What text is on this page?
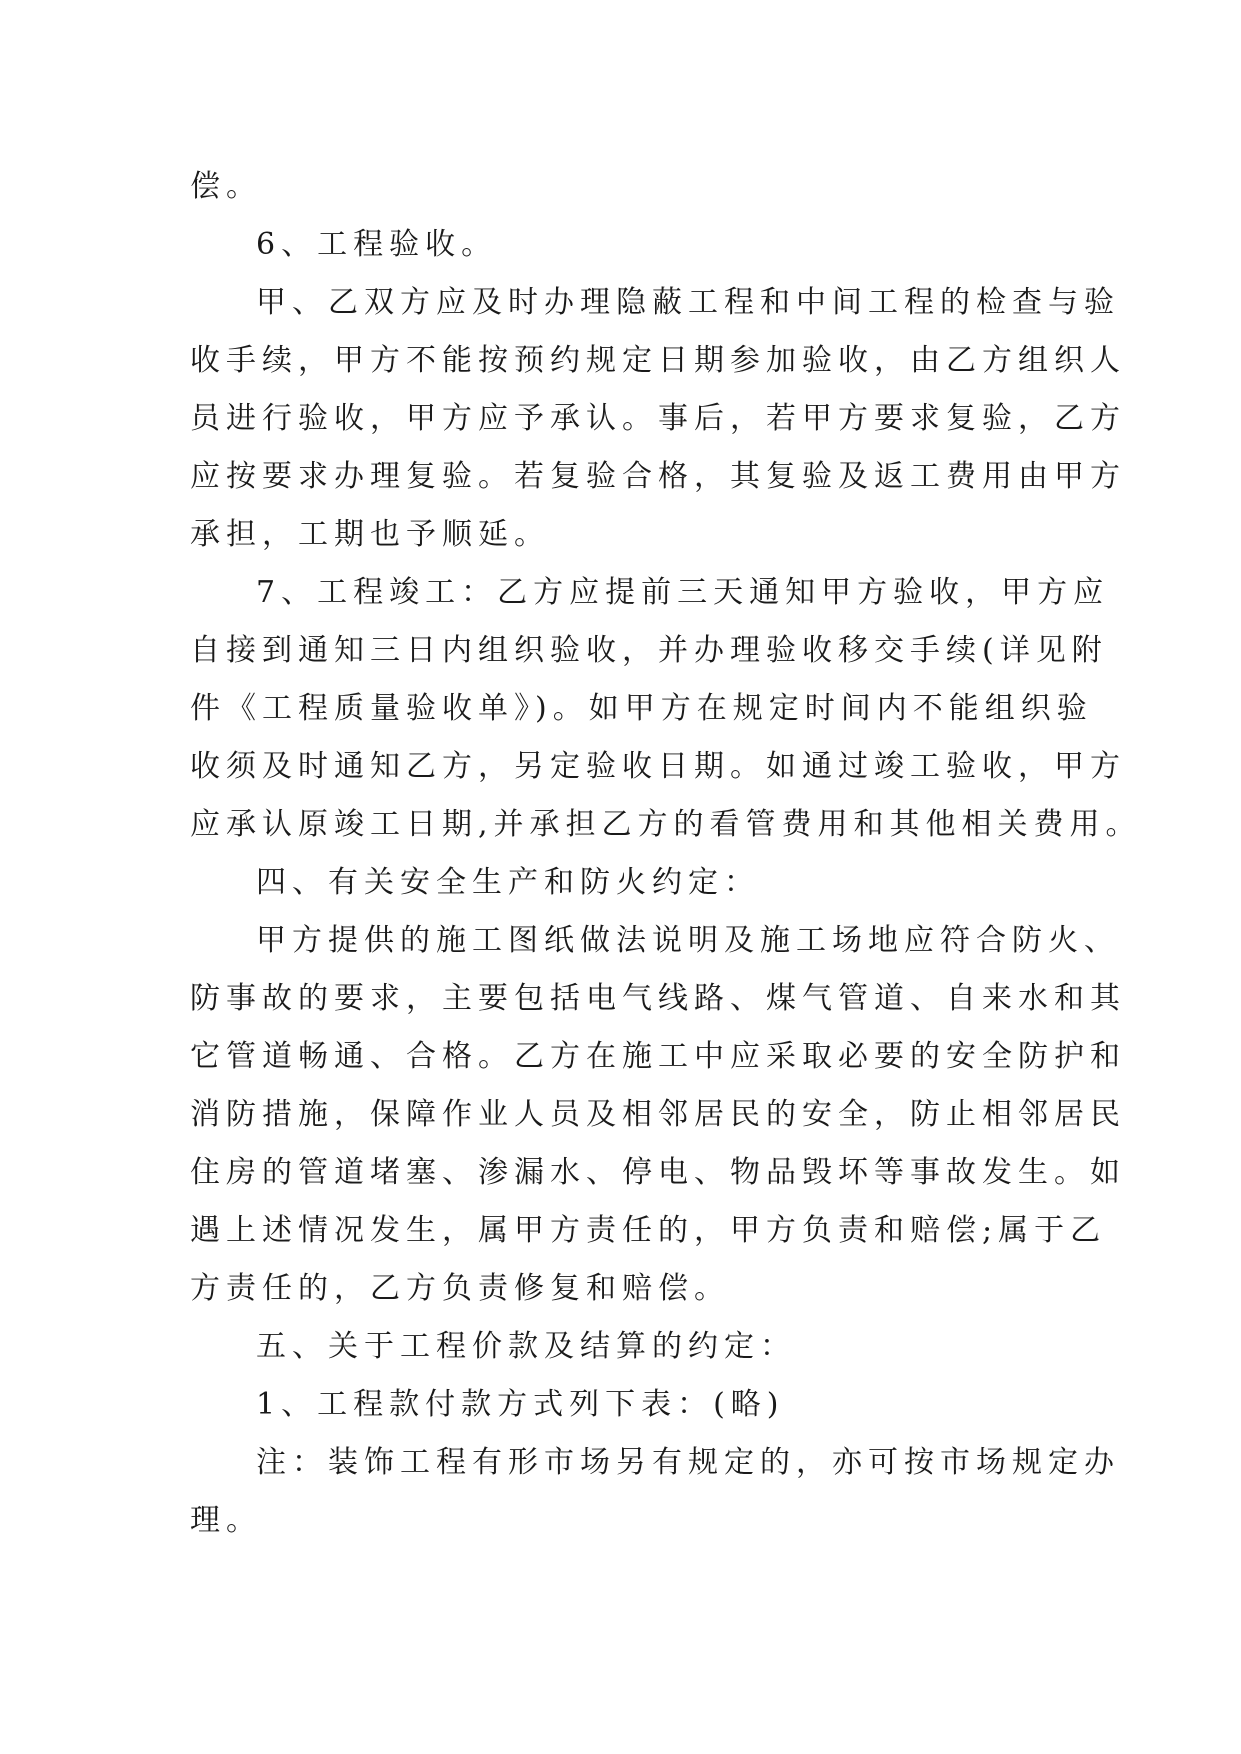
偿。
6、工程验收。
甲、乙双方应及时办理隐蔽工程和中间工程的检查与验
收手续，甲方不能按预约规定日期参加验收，由乙方组织人
员进行验收，甲方应予承认。事后，若甲方要求复验，乙方
应按要求办理复验。若复验合格，其复验及返工费用由甲方
承担，工期也予顺延。
7、工程竣工：乙方应提前三天通知甲方验收，甲方应
自接到通知三日内组织验收，并办理验收移交手续(详见附
件《工程质量验收单》)。如甲方在规定时间内不能组织验
收须及时通知乙方，另定验收日期。如通过竣工验收，甲方
应承认原竣工日期,并承担乙方的看管费用和其他相关费用。
四、有关安全生产和防火约定：
甲方提供的施工图纸做法说明及施工场地应符合防火、
防事故的要求，主要包括电气线路、煤气管道、自来水和其
它管道畅通、合格。乙方在施工中应采取必要的安全防护和
消防措施，保障作业人员及相邻居民的安全，防止相邻居民
住房的管道堵塞、渗漏水、停电、物品毁坏等事故发生。如
遇上述情况发生，属甲方责任的，甲方负责和赔偿;属于乙
方责任的，乙方负责修复和赔偿。
五、关于工程价款及结算的约定：
1、工程款付款方式列下表：(略)
注：装饰工程有形市场另有规定的，亦可按市场规定办
理。
